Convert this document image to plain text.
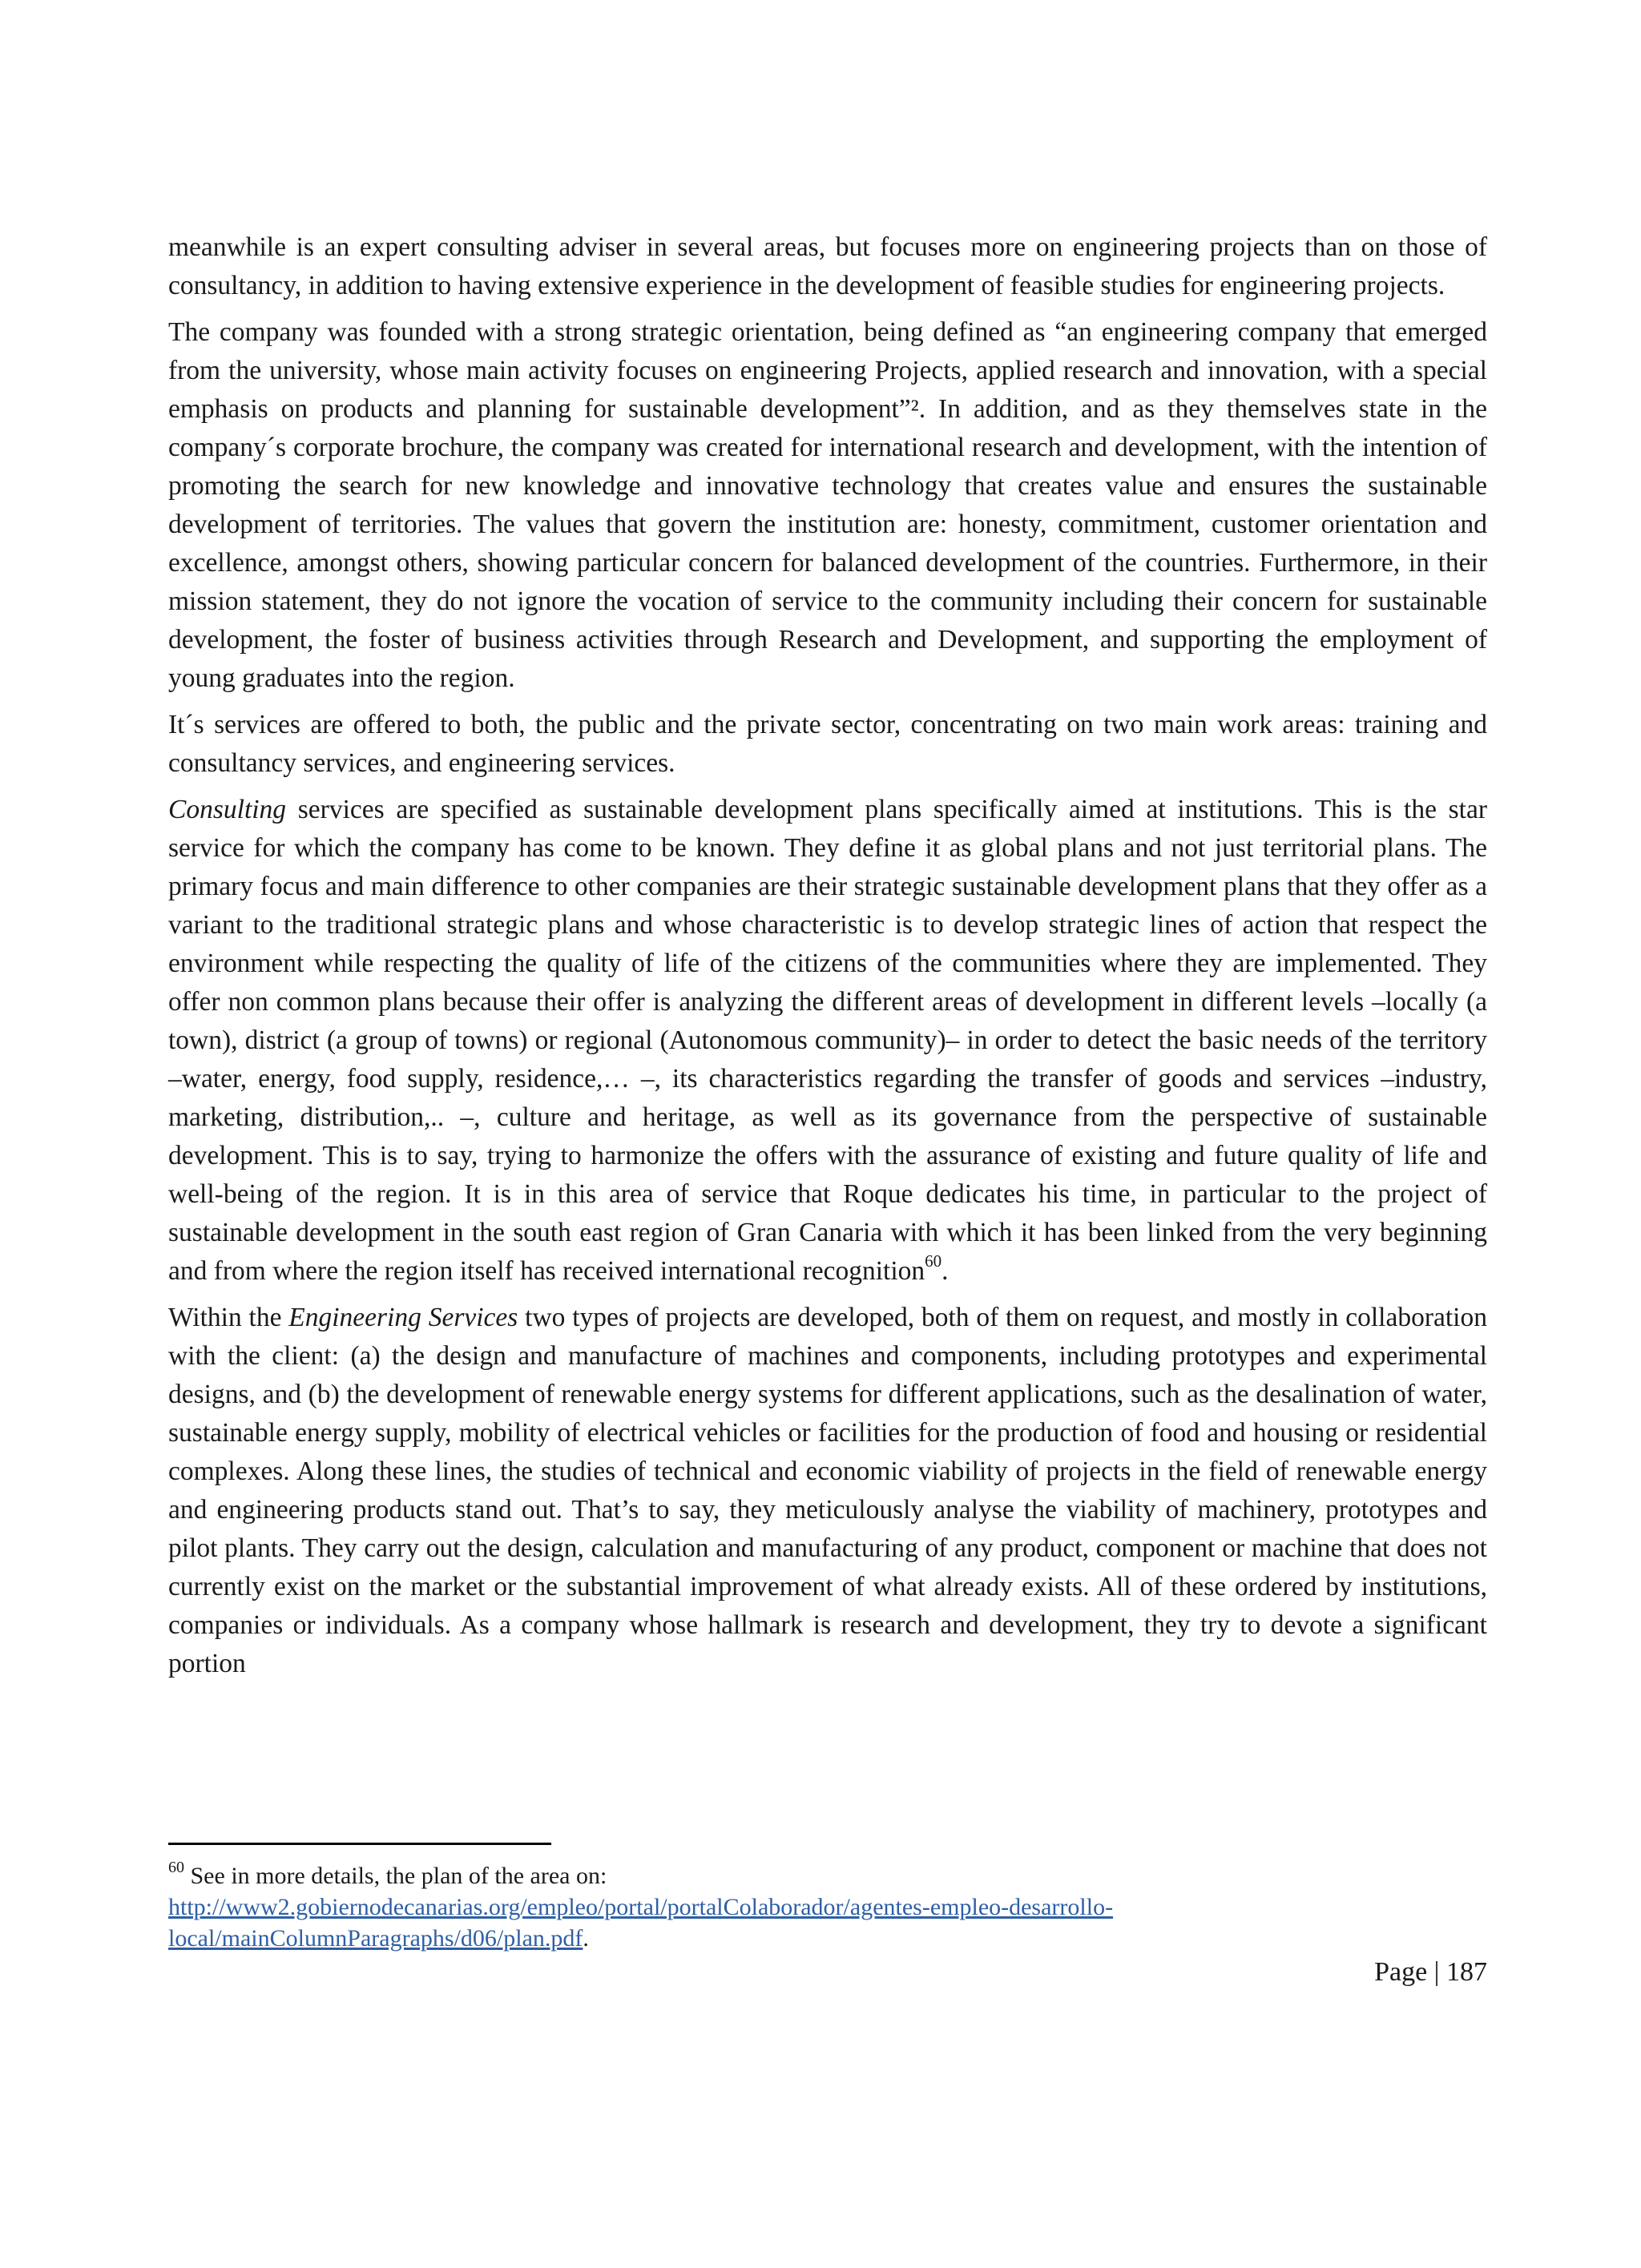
meanwhile is an expert consulting adviser in several areas, but focuses more on engineering projects than on those of consultancy, in addition to having extensive experience in the development of feasible studies for engineering projects.

The company was founded with a strong strategic orientation, being defined as “an engineering company that emerged from the university, whose main activity focuses on engineering Projects, applied research and innovation, with a special emphasis on products and planning for sustainable development”². In addition, and as they themselves state in the company´s corporate brochure, the company was created for international research and development, with the intention of promoting the search for new knowledge and innovative technology that creates value and ensures the sustainable development of territories. The values that govern the institution are: honesty, commitment, customer orientation and excellence, amongst others, showing particular concern for balanced development of the countries. Furthermore, in their mission statement, they do not ignore the vocation of service to the community including their concern for sustainable development, the foster of business activities through Research and Development, and supporting the employment of young graduates into the region.

It´s services are offered to both, the public and the private sector, concentrating on two main work areas: training and consultancy services, and engineering services.

Consulting services are specified as sustainable development plans specifically aimed at institutions. This is the star service for which the company has come to be known. They define it as global plans and not just territorial plans. The primary focus and main difference to other companies are their strategic sustainable development plans that they offer as a variant to the traditional strategic plans and whose characteristic is to develop strategic lines of action that respect the environment while respecting the quality of life of the citizens of the communities where they are implemented. They offer non common plans because their offer is analyzing the different areas of development in different levels –locally (a town), district (a group of towns) or regional (Autonomous community)– in order to detect the basic needs of the territory –water, energy, food supply, residence,… –, its characteristics regarding the transfer of goods and services –industry, marketing, distribution,.. –, culture and heritage, as well as its governance from the perspective of sustainable development. This is to say, trying to harmonize the offers with the assurance of existing and future quality of life and well-being of the region. It is in this area of service that Roque dedicates his time, in particular to the project of sustainable development in the south east region of Gran Canaria with which it has been linked from the very beginning and from where the region itself has received international recognition$^{60}$.

Within the Engineering Services two types of projects are developed, both of them on request, and mostly in collaboration with the client: (a) the design and manufacture of machines and components, including prototypes and experimental designs, and (b) the development of renewable energy systems for different applications, such as the desalination of water, sustainable energy supply, mobility of electrical vehicles or facilities for the production of food and housing or residential complexes. Along these lines, the studies of technical and economic viability of projects in the field of renewable energy and engineering products stand out. That’s to say, they meticulously analyse the viability of machinery, prototypes and pilot plants. They carry out the design, calculation and manufacturing of any product, component or machine that does not currently exist on the market or the substantial improvement of what already exists. All of these ordered by institutions, companies or individuals. As a company whose hallmark is research and development, they try to devote a significant portion

$^{60}$ See in more details, the plan of the area on:
http://www2.gobiernodecanarias.org/empleo/portal/portalColaborador/agentes-empleo-desarrollo-local/mainColumnParagraphs/d06/plan.pdf.
Page | 187
